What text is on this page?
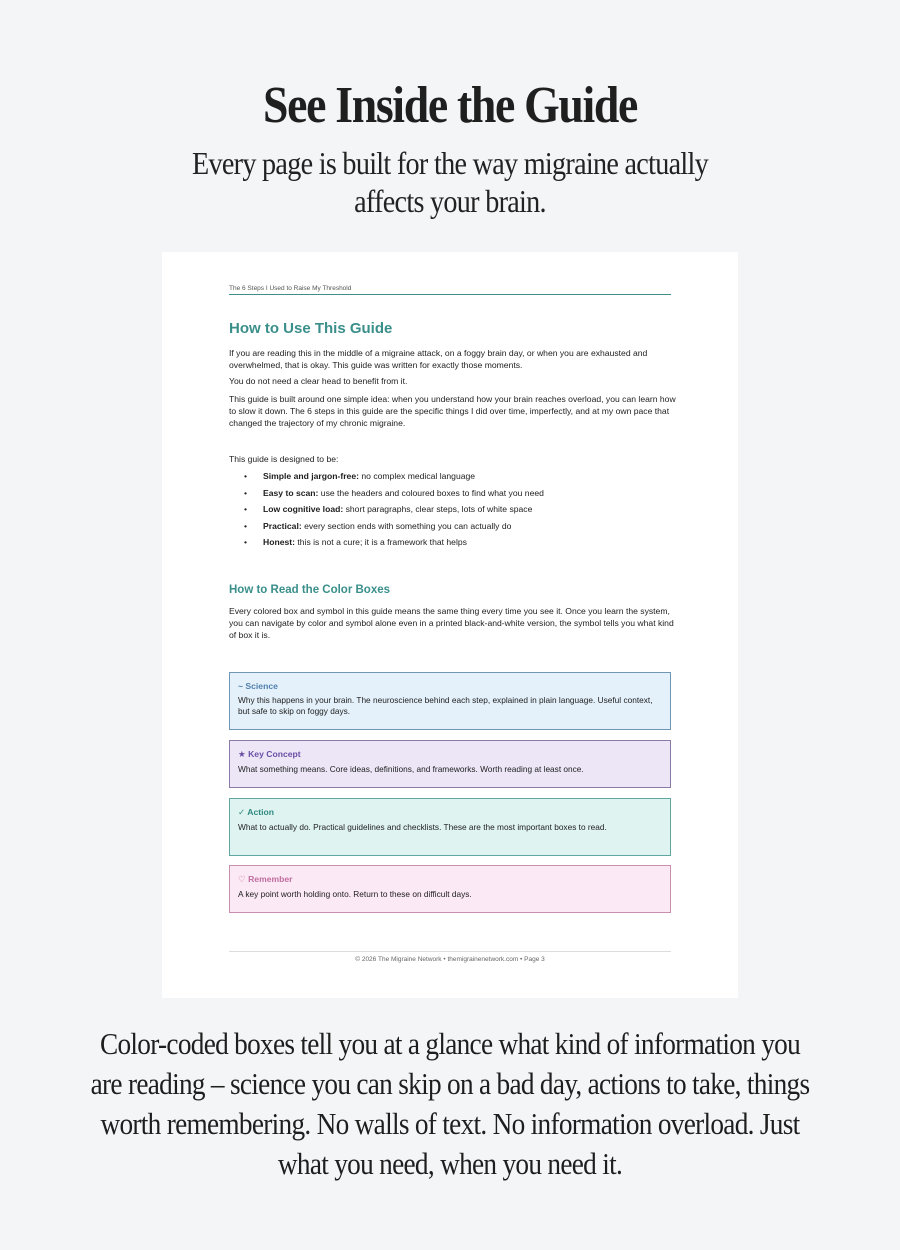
See Inside the Guide

Every page is built for the way migraine actually affects your brain.

The 6 Steps I Used to Raise My Threshold
How to Use This Guide

If you are reading this in the middle of a migraine attack, on a foggy brain day, or when you are exhausted and overwhelmed, that is okay. This guide was written for exactly those moments.

You do not need a clear head to benefit from it.

This guide is built around one simple idea: when you understand how your brain reaches overload, you can learn how to slow it down. The 6 steps in this guide are the specific things I did over time, imperfectly, and at my own pace that changed the trajectory of my chronic migraine.

This guide is designed to be:

• Simple and jargon-free: no complex medical language
• Easy to scan: use the headers and coloured boxes to find what you need
• Low cognitive load: short paragraphs, clear steps, lots of white space
• Practical: every section ends with something you can actually do
• Honest: this is not a cure; it is a framework that helps
How to Read the Color Boxes

Every colored box and symbol in this guide means the same thing every time you see it. Once you learn the system, you can navigate by color and symbol alone even in a printed black-and-white version, the symbol tells you what kind of box it is.

~ Science
Why this happens in your brain. The neuroscience behind each step, explained in plain language. Useful context, but safe to skip on foggy days.
★ Key Concept
What something means. Core ideas, definitions, and frameworks. Worth reading at least once.
✓ Action
What to actually do. Practical guidelines and checklists. These are the most important boxes to read.
♡ Remember
A key point worth holding onto. Return to these on difficult days.
© 2026 The Migraine Network • themigrainenetwork.com • Page 3

Color-coded boxes tell you at a glance what kind of information you are reading – science you can skip on a bad day, actions to take, things worth remembering. No walls of text. No information overload. Just what you need, when you need it.
